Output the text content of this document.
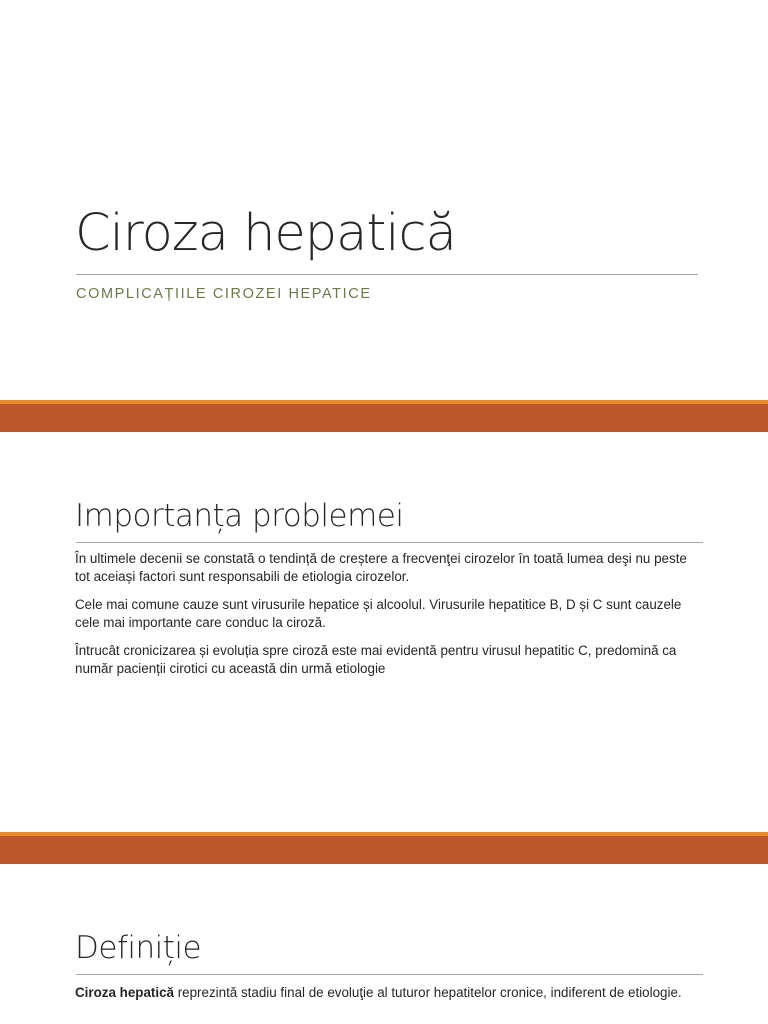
Ciroza hepatică

COMPLICAȚIILE CIROZEI HEPATICE

Importanța problemei

În ultimele decenii se constată o tendință de creștere a frecvenţei cirozelor în toată lumea deşi nu peste tot aceiași factori sunt responsabili de etiologia cirozelor.

Cele mai comune cauze sunt virusurile hepatice și alcoolul. Virusurile hepatitice B, D și C sunt cauzele cele mai importante care conduc la ciroză.

Întrucât cronicizarea și evoluția spre ciroză este mai evidentă pentru virusul hepatitic C, predomină ca număr pacienții cirotici cu această din urmă etiologie

Definiție

Ciroza hepatică reprezintă stadiu final de evoluţie al tuturor hepatitelor cronice, indiferent de etiologie.
